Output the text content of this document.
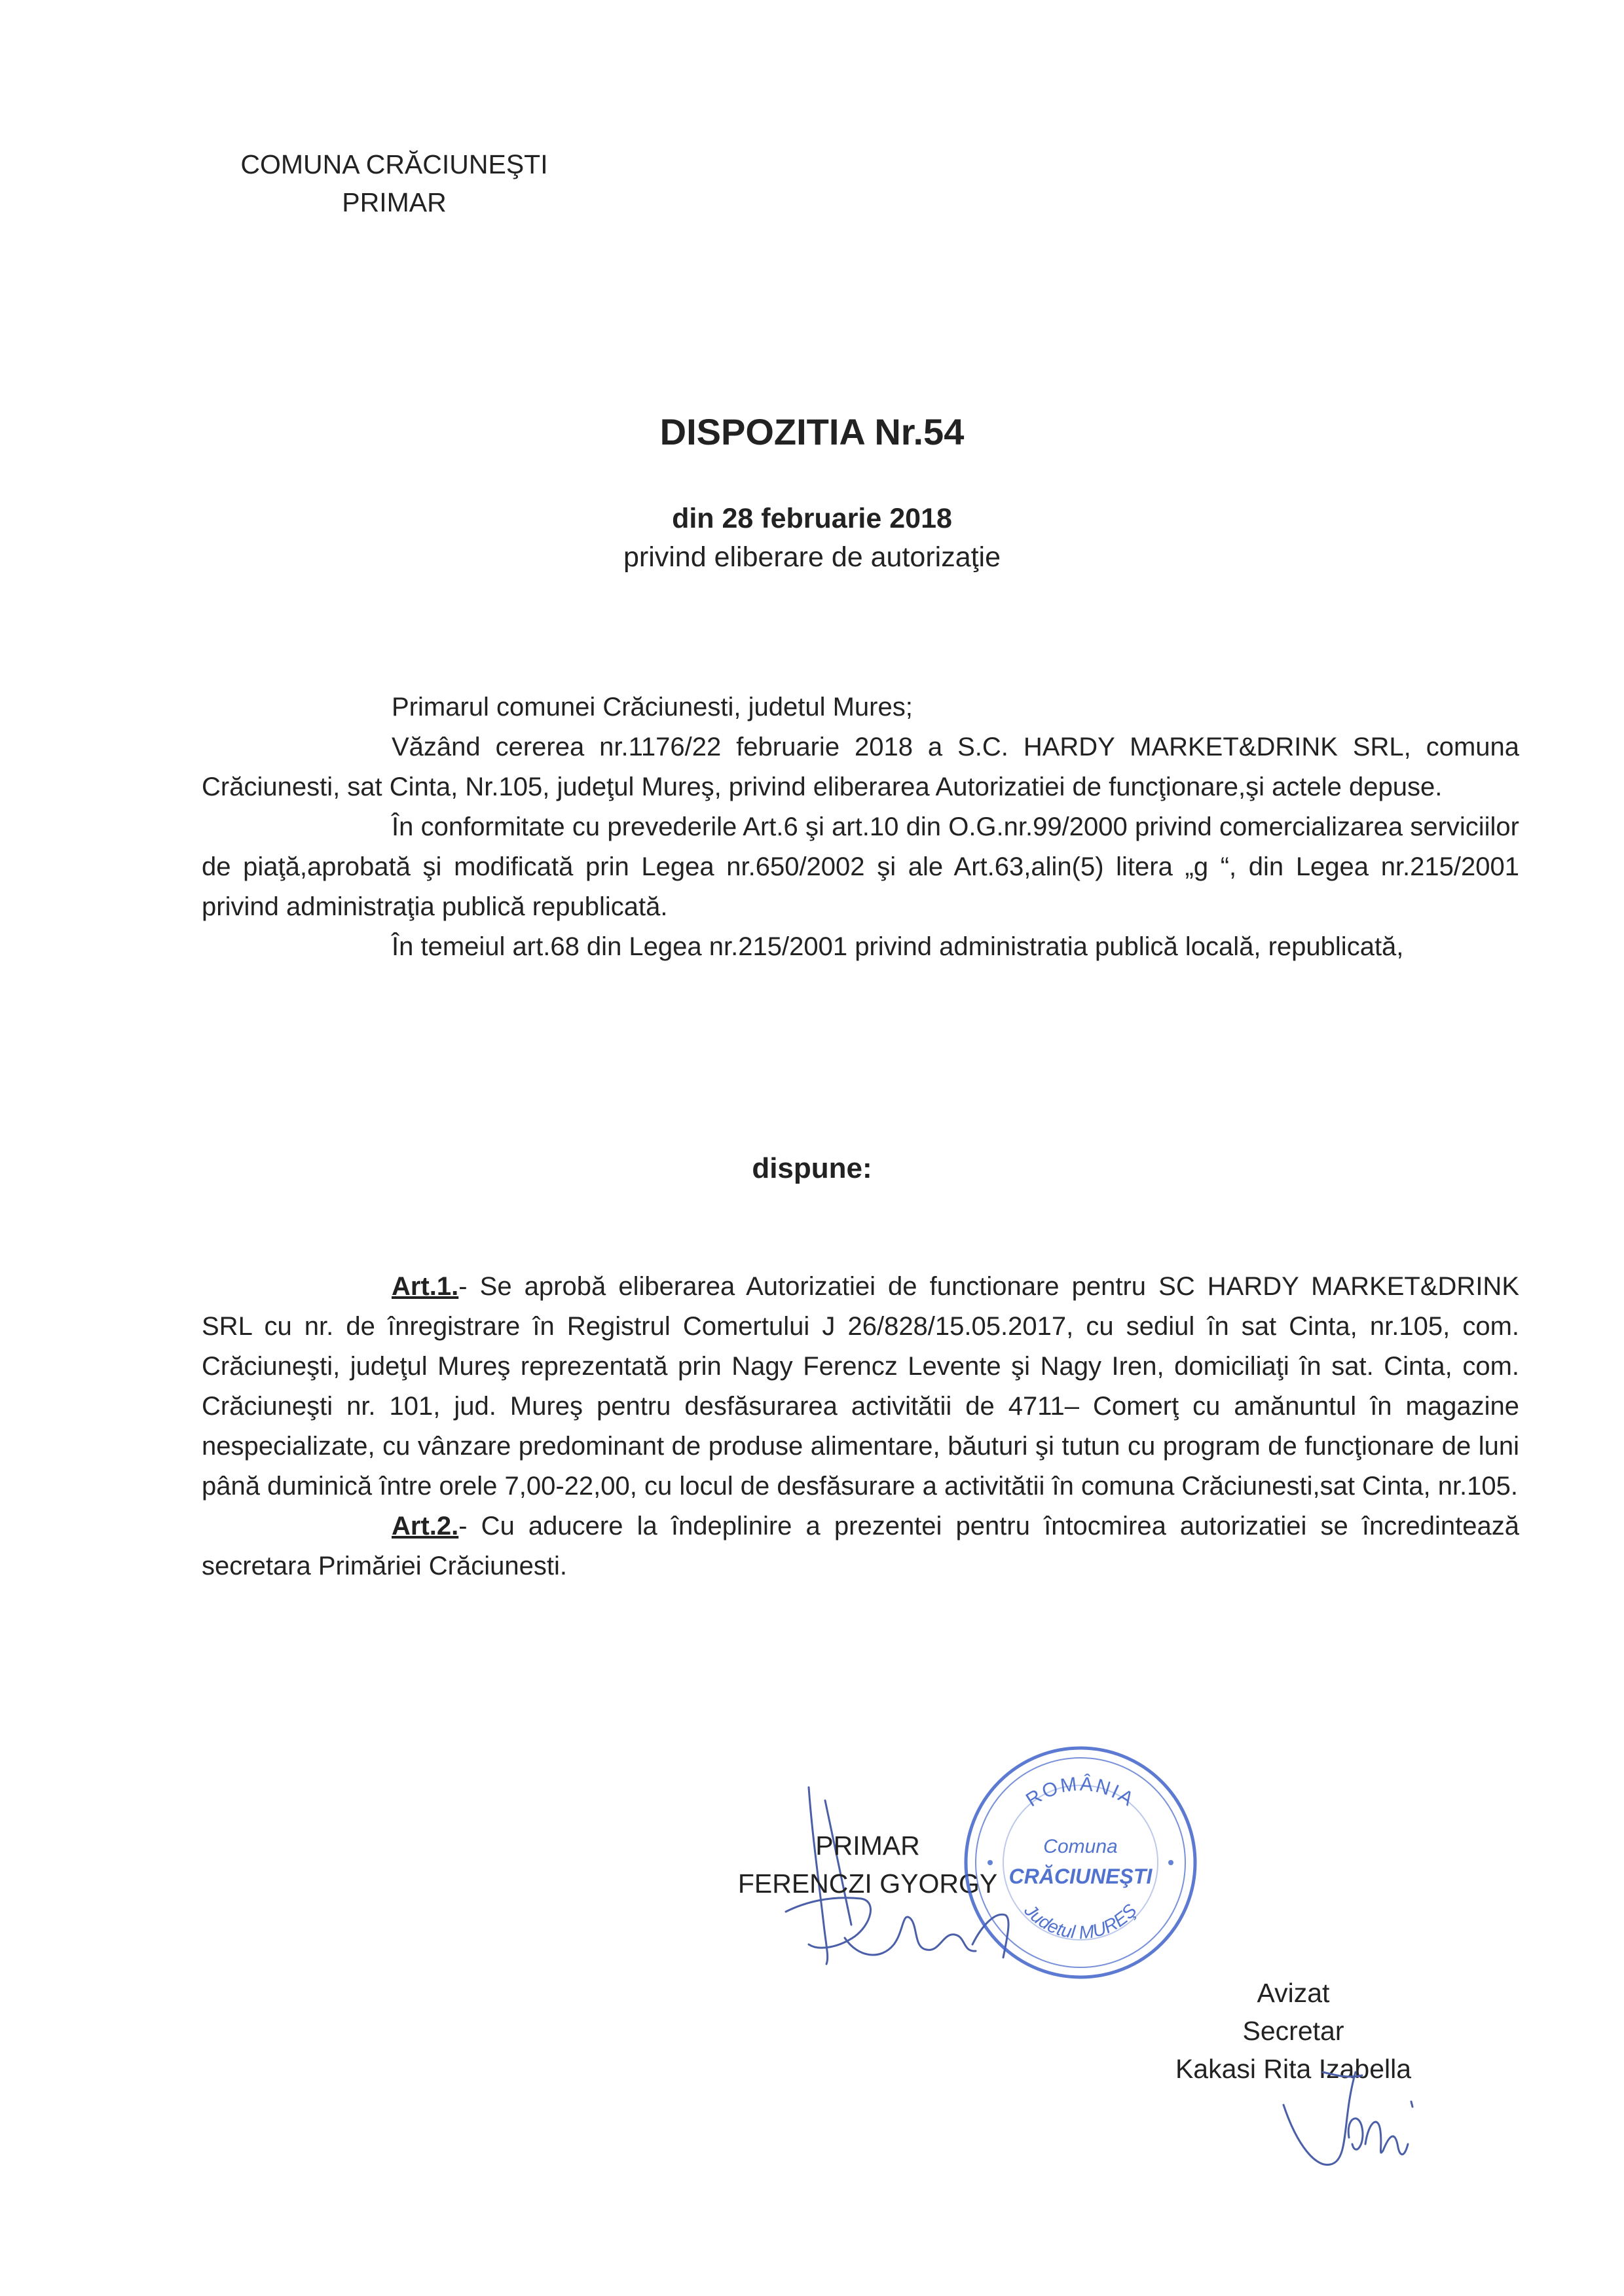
COMUNA CRĂCIUNEŞTI
PRIMAR
DISPOZITIA Nr.54
din 28 februarie 2018
privind eliberare de autorizaţie

Primarul comunei Crăciunesti, judetul Mures;

Văzând cererea nr.1176/22 februarie 2018 a S.C. HARDY MARKET&DRINK SRL, comuna Crăciunesti, sat Cinta, Nr.105, judeţul Mureş, privind eliberarea Autorizatiei de funcţionare,şi actele depuse.

În conformitate cu prevederile Art.6 şi art.10 din O.G.nr.99/2000 privind comercializarea serviciilor de piaţă,aprobată şi modificată prin Legea nr.650/2002 şi ale Art.63,alin(5) litera „g “, din Legea nr.215/2001 privind administraţia publică republicată.

În temeiul art.68 din Legea nr.215/2001 privind administratia publică locală, republicată,

dispune:

Art.1.- Se aprobă eliberarea Autorizatiei de functionare pentru SC HARDY MARKET&DRINK SRL cu nr. de înregistrare în Registrul Comertului J 26/828/15.05.2017, cu sediul în sat Cinta, nr.105, com. Crăciuneşti, judeţul Mureş reprezentată prin Nagy Ferencz Levente şi Nagy Iren, domiciliaţi în sat. Cinta, com. Crăciuneşti nr. 101, jud. Mureş pentru desfăsurarea activitătii de 4711– Comerţ cu amănuntul în magazine nespecializate, cu vânzare predominant de produse alimentare, băuturi şi tutun cu program de funcţionare de luni până duminică între orele 7,00-22,00, cu locul de desfăsurare a activitătii în comuna Crăciunesti,sat Cinta, nr.105.

Art.2.- Cu aducere la îndeplinire a prezentei pentru întocmirea autorizatiei se încredintează secretara Primăriei Crăciunesti.

PRIMAR
FERENCZI GYORGY
ROMÂNIA
Comuna
CRĂCIUNEŞTI
Judetul MUREŞ
Avizat
Secretar
Kakasi Rita Izabella
